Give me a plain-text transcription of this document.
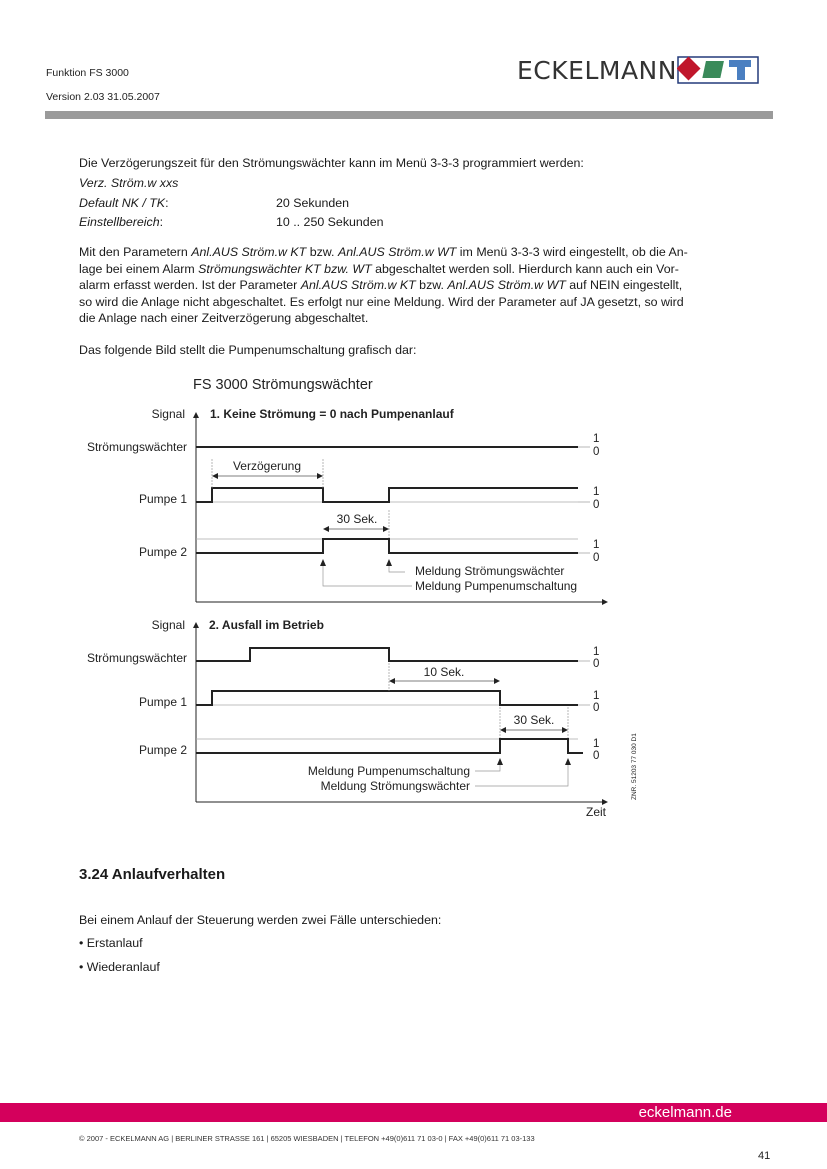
Funktion FS 3000
Version 2.03 31.05.2007
ECKELMANN
Die Verzögerungszeit für den Strömungswächter kann im Menü 3-3-3 programmiert werden:
Verz. Ström.w xxs
Default NK / TK:	20 Sekunden
Einstellbereich:	10 .. 250 Sekunden
Mit den Parametern Anl.AUS Ström.w KT bzw. Anl.AUS Ström.w WT im Menü 3-3-3 wird eingestellt, ob die An-
lage bei einem Alarm Strömungswächter KT bzw. WT abgeschaltet werden soll. Hierdurch kann auch ein Vor-
alarm erfasst werden. Ist der Parameter Anl.AUS Ström.w KT bzw. Anl.AUS Ström.w WT auf NEIN eingestellt,
so wird die Anlage nicht abgeschaltet. Es erfolgt nur eine Meldung. Wird der Parameter auf JA gesetzt, so wird
die Anlage nach einer Zeitverzögerung abgeschaltet.
Das folgende Bild stellt die Pumpenumschaltung grafisch dar:
FS 3000 Strömungswächter
Signal 1. Keine Strömung = 0 nach Pumpenanlauf
Strömungswächter
Pumpe 1
Pumpe 2
1
0
1
0
1
0
Verzögerung
30 Sek.
Meldung Strömungswächter
Meldung Pumpenumschaltung
Signal 2. Ausfall im Betrieb
Strömungswächter
Pumpe 1
Pumpe 2
1
0
1
0
1
0
10 Sek.
30 Sek.
Meldung Pumpenumschaltung
Meldung Strömungswächter
Zeit
ZNR. 51203 77 030 D1
3.24 Anlaufverhalten
Bei einem Anlauf der Steuerung werden zwei Fälle unterschieden:
• Erstanlauf
• Wiederanlauf
eckelmann.de
© 2007 - ECKELMANN AG | BERLINER STRASSE 161 | 65205 WIESBADEN | TELEFON +49(0)611 71 03-0 | FAX +49(0)611 71 03-133
41
